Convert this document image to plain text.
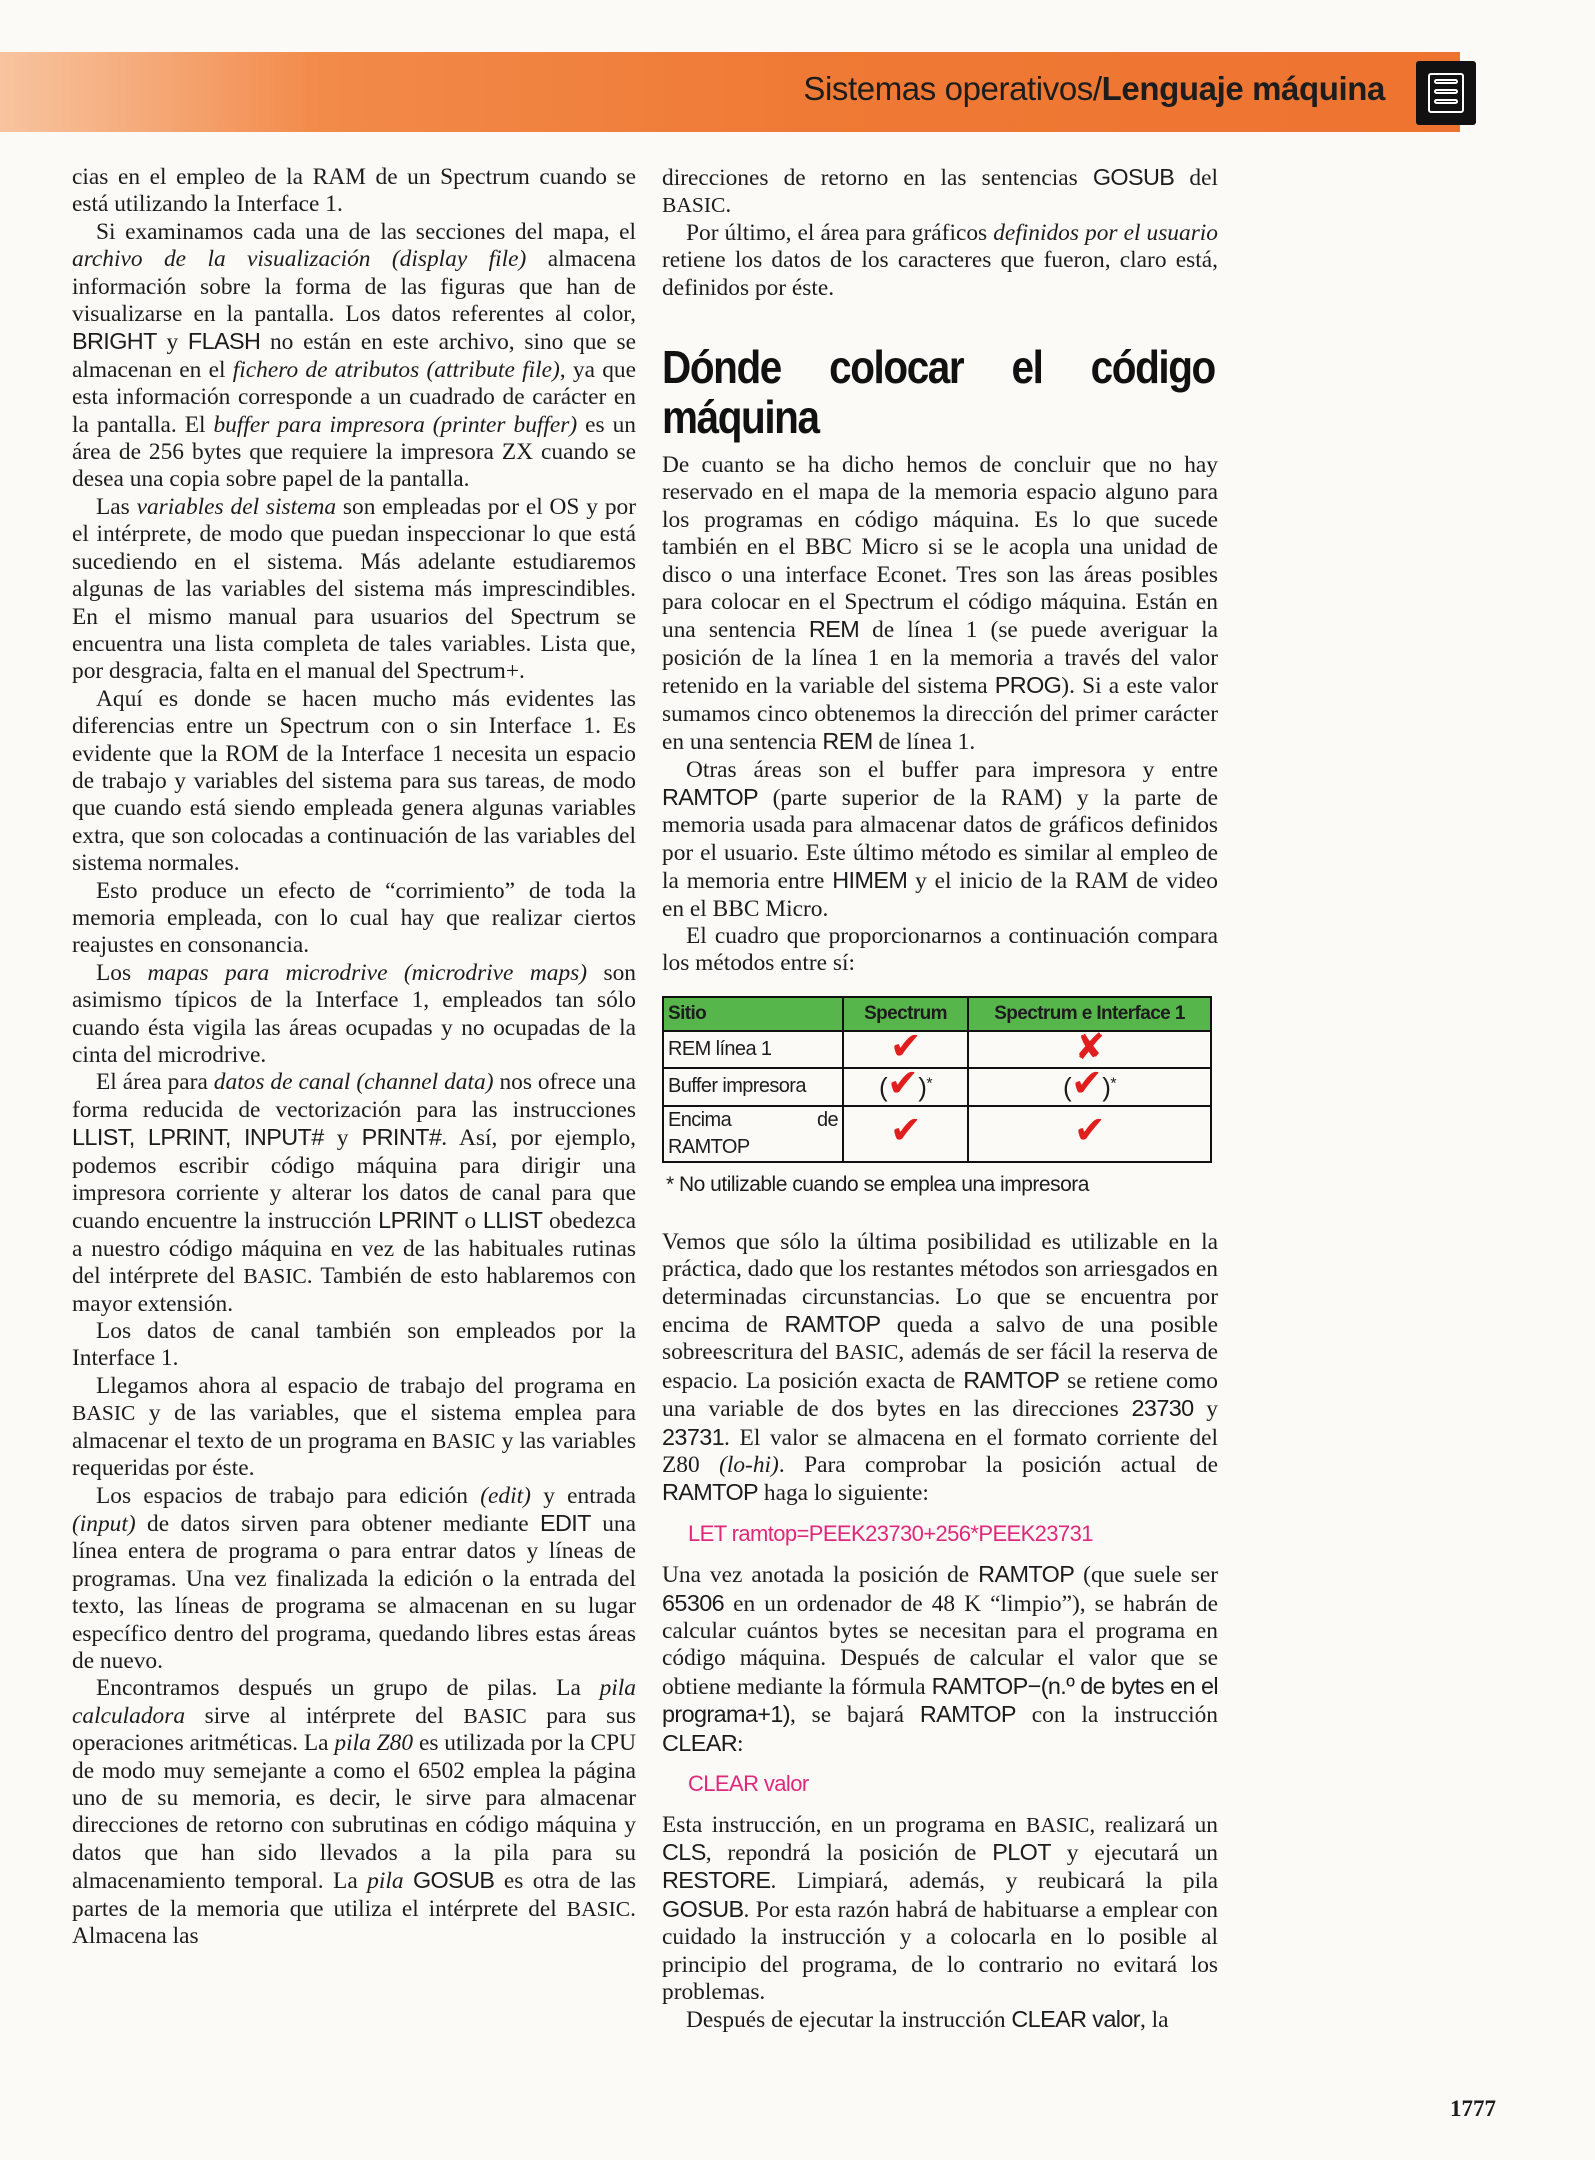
Sistemas operativos/Lenguaje máquina

cias en el empleo de la RAM de un Spectrum cuando se está utilizando la Interface 1.

Si examinamos cada una de las secciones del mapa, el archivo de la visualización (display file) almacena información sobre la forma de las figuras que han de visualizarse en la pantalla. Los datos referentes al color, BRIGHT y FLASH no están en este archivo, sino que se almacenan en el fichero de atributos (attribute file), ya que esta información corresponde a un cuadrado de carácter en la pantalla. El buffer para impresora (printer buffer) es un área de 256 bytes que requiere la impresora ZX cuando se desea una copia sobre papel de la pantalla.

Las variables del sistema son empleadas por el OS y por el intérprete, de modo que puedan inspeccionar lo que está sucediendo en el sistema. Más adelante estudiaremos algunas de las variables del sistema más imprescindibles. En el mismo manual para usuarios del Spectrum se encuentra una lista completa de tales variables. Lista que, por desgracia, falta en el manual del Spectrum+.

Aquí es donde se hacen mucho más evidentes las diferencias entre un Spectrum con o sin Interface 1. Es evidente que la ROM de la Interface 1 necesita un espacio de trabajo y variables del sistema para sus tareas, de modo que cuando está siendo empleada genera algunas variables extra, que son colocadas a continuación de las variables del sistema normales.

Esto produce un efecto de “corrimiento” de toda la memoria empleada, con lo cual hay que realizar ciertos reajustes en consonancia.

Los mapas para microdrive (microdrive maps) son asimismo típicos de la Interface 1, empleados tan sólo cuando ésta vigila las áreas ocupadas y no ocupadas de la cinta del microdrive.

El área para datos de canal (channel data) nos ofrece una forma reducida de vectorización para las instrucciones LLIST, LPRINT, INPUT# y PRINT#. Así, por ejemplo, podemos escribir código máquina para dirigir una impresora corriente y alterar los datos de canal para que cuando encuentre la instrucción LPRINT o LLIST obedezca a nuestro código máquina en vez de las habituales rutinas del intérprete del BASIC. También de esto hablaremos con mayor extensión.

Los datos de canal también son empleados por la Interface 1.

Llegamos ahora al espacio de trabajo del programa en BASIC y de las variables, que el sistema emplea para almacenar el texto de un programa en BASIC y las variables requeridas por éste.

Los espacios de trabajo para edición (edit) y entrada (input) de datos sirven para obtener mediante EDIT una línea entera de programa o para entrar datos y líneas de programas. Una vez finalizada la edición o la entrada del texto, las líneas de programa se almacenan en su lugar específico dentro del programa, quedando libres estas áreas de nuevo.

Encontramos después un grupo de pilas. La pila calculadora sirve al intérprete del BASIC para sus operaciones aritméticas. La pila Z80 es utilizada por la CPU de modo muy semejante a como el 6502 emplea la página uno de su memoria, es decir, le sirve para almacenar direcciones de retorno con subrutinas en código máquina y datos que han sido llevados a la pila para su almacenamiento temporal. La pila GOSUB es otra de las partes de la memoria que utiliza el intérprete del BASIC. Almacena las

direcciones de retorno en las sentencias GOSUB del BASIC.

Por último, el área para gráficos definidos por el usuario retiene los datos de los caracteres que fueron, claro está, definidos por éste.

Dónde colocar el código máquina

De cuanto se ha dicho hemos de concluir que no hay reservado en el mapa de la memoria espacio alguno para los programas en código máquina. Es lo que sucede también en el BBC Micro si se le acopla una unidad de disco o una interface Econet. Tres son las áreas posibles para colocar en el Spectrum el código máquina. Están en una sentencia REM de línea 1 (se puede averiguar la posición de la línea 1 en la memoria a través del valor retenido en la variable del sistema PROG). Si a este valor sumamos cinco obtenemos la dirección del primer carácter en una sentencia REM de línea 1.

Otras áreas son el buffer para impresora y entre RAMTOP (parte superior de la RAM) y la parte de memoria usada para almacenar datos de gráficos definidos por el usuario. Este último método es similar al empleo de la memoria entre HIMEM y el inicio de la RAM de video en el BBC Micro.

El cuadro que proporcionarnos a continuación compara los métodos entre sí:

Sitio	Spectrum	Spectrum e Interface 1
REM línea 1	✔	✘
Buffer impresora	(✔)*	(✔)*
Encima de RAMTOP	✔	✔
* No utilizable cuando se emplea una impresora

Vemos que sólo la última posibilidad es utilizable en la práctica, dado que los restantes métodos son arriesgados en determinadas circunstancias. Lo que se encuentra por encima de RAMTOP queda a salvo de una posible sobreescritura del BASIC, además de ser fácil la reserva de espacio. La posición exacta de RAMTOP se retiene como una variable de dos bytes en las direcciones 23730 y 23731. El valor se almacena en el formato corriente del Z80 (lo-hi). Para comprobar la posición actual de RAMTOP haga lo siguiente:

LET ramtop=PEEK23730+256*PEEK23731

Una vez anotada la posición de RAMTOP (que suele ser 65306 en un ordenador de 48 K “limpio”), se habrán de calcular cuántos bytes se necesitan para el programa en código máquina. Después de calcular el valor que se obtiene mediante la fórmula RAMTOP−(n.º de bytes en el programa+1), se bajará RAMTOP con la instrucción CLEAR:

CLEAR valor

Esta instrucción, en un programa en BASIC, realizará un CLS, repondrá la posición de PLOT y ejecutará un RESTORE. Limpiará, además, y reubicará la pila GOSUB. Por esta razón habrá de habituarse a emplear con cuidado la instrucción y a colocarla en lo posible al principio del programa, de lo contrario no evitará los problemas.

Después de ejecutar la instrucción CLEAR valor, la

1777
